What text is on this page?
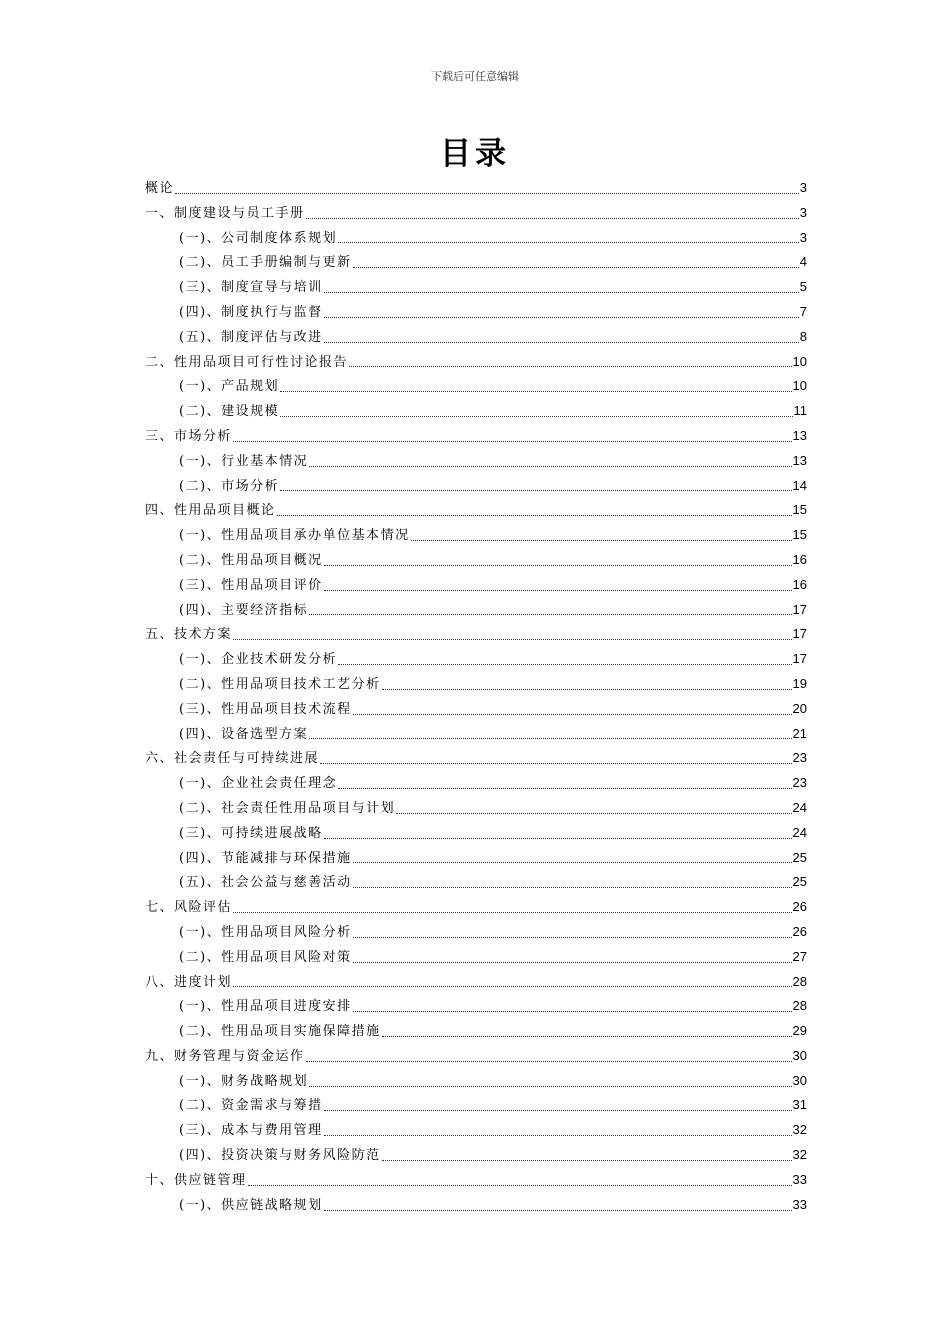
下载后可任意编辑
目录
概论	3
一、制度建设与员工手册	3
(一)、公司制度体系规划	3
(二)、员工手册编制与更新	4
(三)、制度宣导与培训	5
(四)、制度执行与监督	7
(五)、制度评估与改进	8
二、性用品项目可行性讨论报告	10
(一)、产品规划	10
(二)、建设规模	11
三、市场分析	13
(一)、行业基本情况	13
(二)、市场分析	14
四、性用品项目概论	15
(一)、性用品项目承办单位基本情况	15
(二)、性用品项目概况	16
(三)、性用品项目评价	16
(四)、主要经济指标	17
五、技术方案	17
(一)、企业技术研发分析	17
(二)、性用品项目技术工艺分析	19
(三)、性用品项目技术流程	20
(四)、设备选型方案	21
六、社会责任与可持续进展	23
(一)、企业社会责任理念	23
(二)、社会责任性用品项目与计划	24
(三)、可持续进展战略	24
(四)、节能减排与环保措施	25
(五)、社会公益与慈善活动	25
七、风险评估	26
(一)、性用品项目风险分析	26
(二)、性用品项目风险对策	27
八、进度计划	28
(一)、性用品项目进度安排	28
(二)、性用品项目实施保障措施	29
九、财务管理与资金运作	30
(一)、财务战略规划	30
(二)、资金需求与筹措	31
(三)、成本与费用管理	32
(四)、投资决策与财务风险防范	32
十、供应链管理	33
(一)、供应链战略规划	33
